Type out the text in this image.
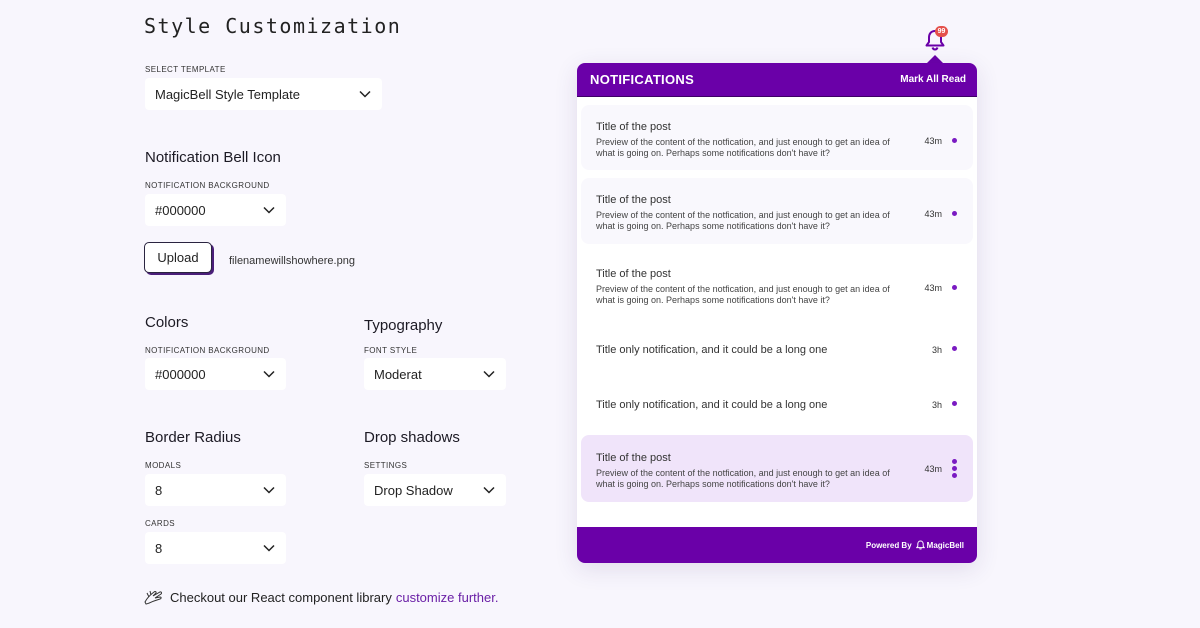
Style Customization
SELECT TEMPLATE
MagicBell Style Template
Notification Bell Icon
NOTIFICATION BACKGROUND
#000000
Upload	filenamewillshowhere.png
Colors
NOTIFICATION BACKGROUND
#000000
Typography
FONT STYLE
Moderat
Border Radius
MODALS
8
CARDS
8
Drop shadows
SETTINGS
Drop Shadow
Checkout our React component library customize further.
99
NOTIFICATIONS	Mark All Read
Title of the post
Preview of the content of the notfication, and just enough to get an idea of what is going on. Perhaps some notifications don't have it?
43m
Title of the post
Preview of the content of the notfication, and just enough to get an idea of what is going on. Perhaps some notifications don't have it?
43m
Title of the post
Preview of the content of the notfication, and just enough to get an idea of what is going on. Perhaps some notifications don't have it?
43m
Title only notification, and it could be a long one	3h
Title only notification, and it could be a long one	3h
Title of the post
Preview of the content of the notfication, and just enough to get an idea of what is going on. Perhaps some notifications don't have it?
43m
Powered By MagicBell
